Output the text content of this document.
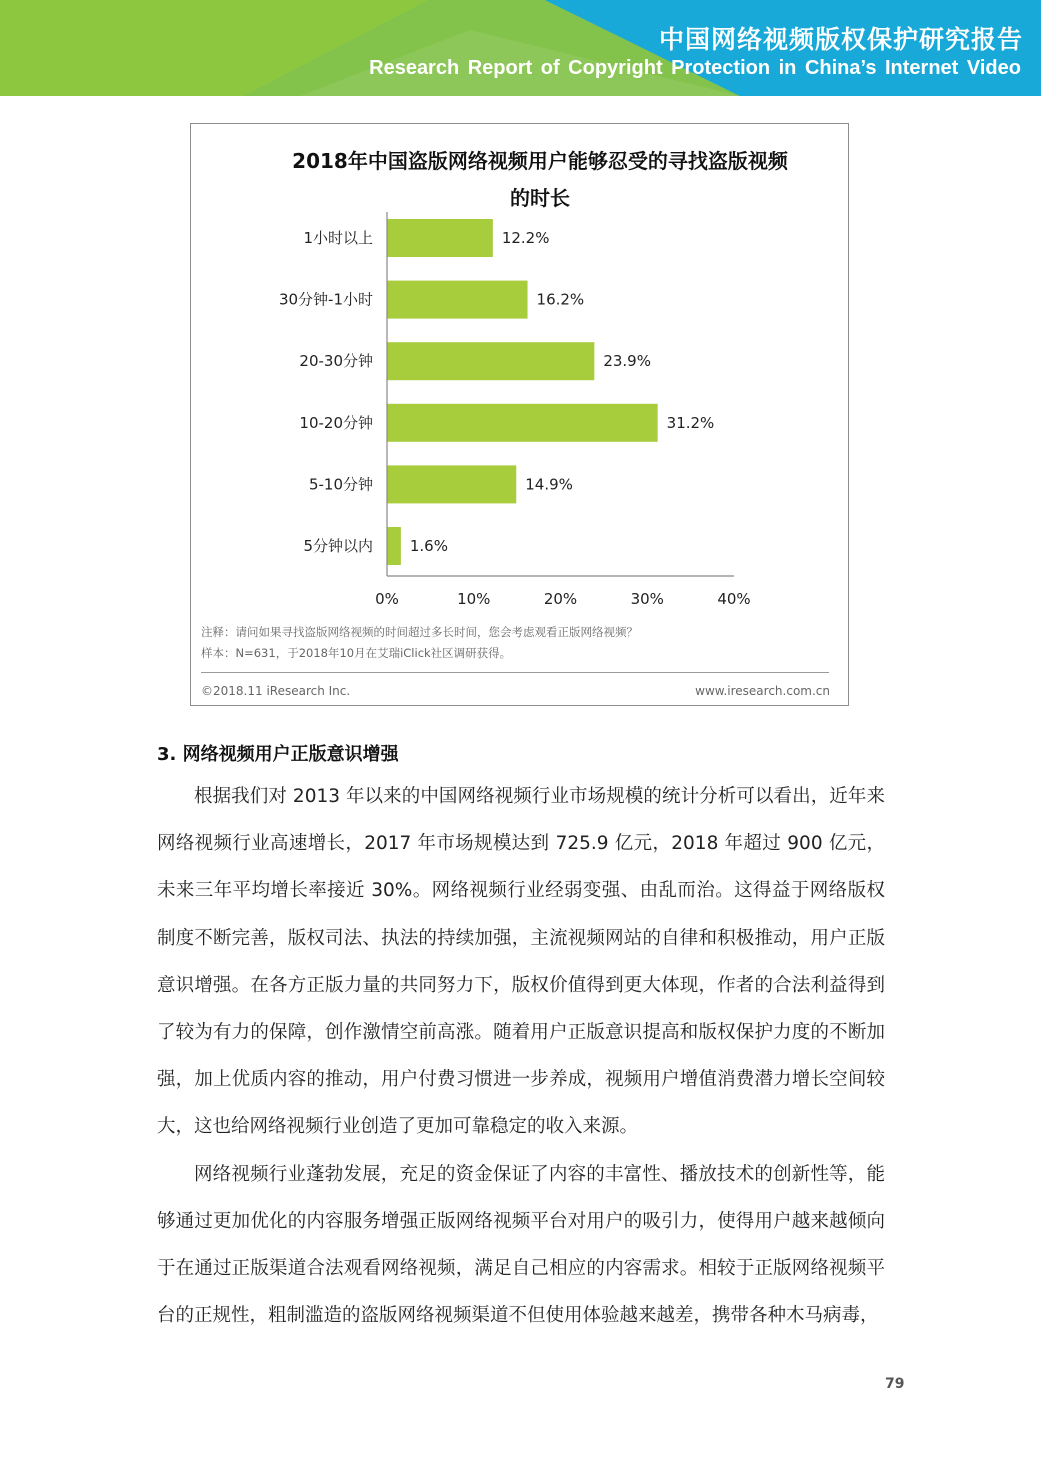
中国网络视频版权保护研究报告
Research Report of Copyright Protection in China’s Internet Video
2018年中国盗版网络视频用户能够忍受的寻找盗版视频
的时长
1小时以上	12.2%
30分钟-1小时	16.2%
20-30分钟	23.9%
10-20分钟	31.2%
5-10分钟	14.9%
5分钟以内 1.6%
0%	10%	20%	30%	40%
注释：请问如果寻找盗版网络视频的时间超过多长时间，您会考虑观看正版网络视频？
样本：N=631，于2018年10月在艾瑞iClick社区调研获得。
©2018.11 iResearch Inc.	www.iresearch.com.cn
3. 网络视频用户正版意识增强

根据我们对 2013 年以来的中国网络视频行业市场规模的统计分析可以看出，近年来网络视频行业高速增长，2017 年市场规模达到 725.9 亿元，2018 年超过 900 亿元，未来三年平均增长率接近 30%。网络视频行业经弱变强、由乱而治。这得益于网络版权制度不断完善，版权司法、执法的持续加强，主流视频网站的自律和积极推动，用户正版意识增强。在各方正版力量的共同努力下，版权价值得到更大体现，作者的合法利益得到了较为有力的保障，创作激情空前高涨。随着用户正版意识提高和版权保护力度的不断加强，加上优质内容的推动，用户付费习惯进一步养成，视频用户增值消费潜力增长空间较大，这也给网络视频行业创造了更加可靠稳定的收入来源。

网络视频行业蓬勃发展，充足的资金保证了内容的丰富性、播放技术的创新性等，能够通过更加优化的内容服务增强正版网络视频平台对用户的吸引力，使得用户越来越倾向于在通过正版渠道合法观看网络视频，满足自己相应的内容需求。相较于正版网络视频平台的正规性，粗制滥造的盗版网络视频渠道不但使用体验越来越差，携带各种木马病毒，

79
